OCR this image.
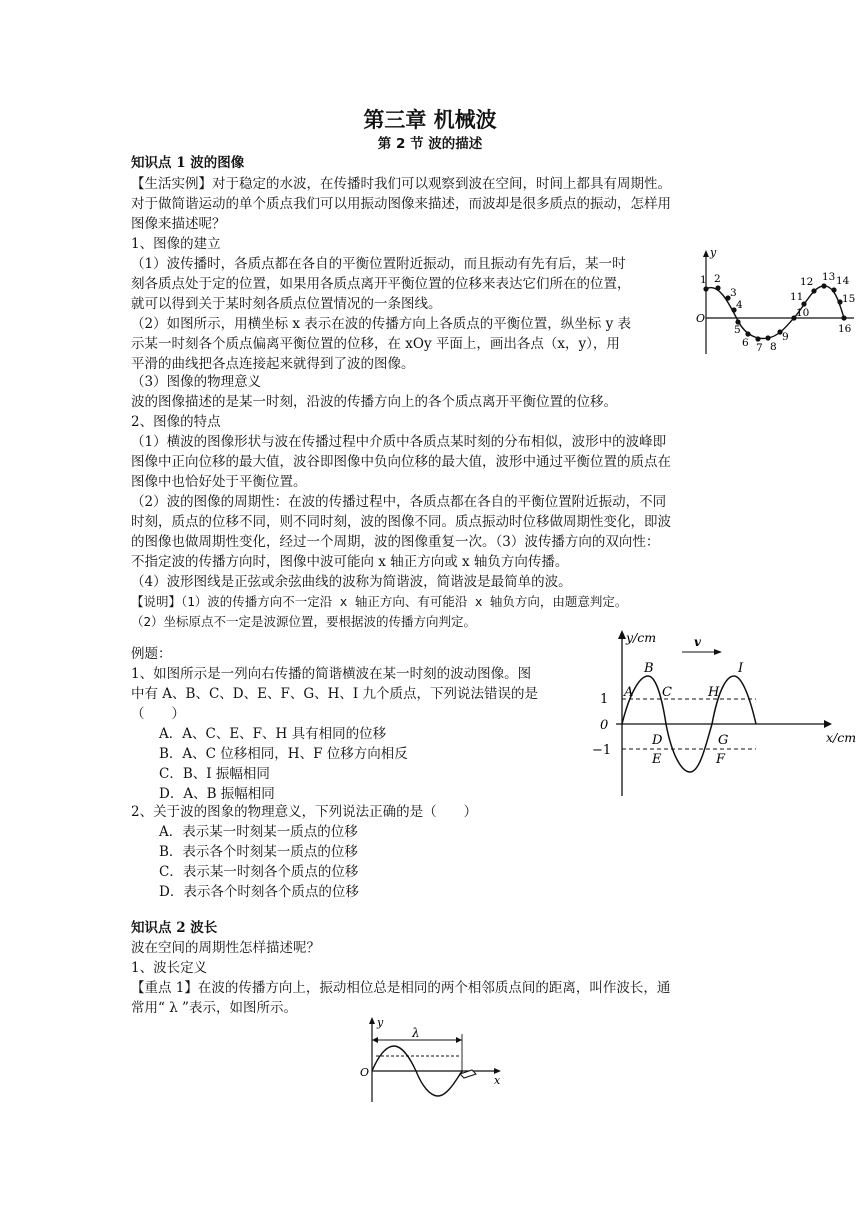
第三章 机械波
第 2 节 波的描述
知识点 1 波的图像
【生活实例】对于稳定的水波，在传播时我们可以观察到波在空间，时间上都具有周期性。
对于做简谐运动的单个质点我们可以用振动图像来描述，而波却是很多质点的振动，怎样用
图像来描述呢？
1、图像的建立
（1）波传播时，各质点都在各自的平衡位置附近振动，而且振动有先有后，某一时
刻各质点处于定的位置，如果用各质点离开平衡位置的位移来表达它们所在的位置，
就可以得到关于某时刻各质点位置情况的一条图线。
（2）如图所示，用横坐标 x 表示在波的传播方向上各质点的平衡位置，纵坐标 y 表
示某一时刻各个质点偏离平衡位置的位移，在 xOy 平面上，画出各点（x，y），用
平滑的曲线把各点连接起来就得到了波的图像。
（3）图像的物理意义
波的图像描述的是某一时刻，沿波的传播方向上的各个质点离开平衡位置的位移。
2、图像的特点
（1）横波的图像形状与波在传播过程中介质中各质点某时刻的分布相似，波形中的波峰即
图像中正向位移的最大值，波谷即图像中负向位移的最大值，波形中通过平衡位置的质点在
图像中也恰好处于平衡位置。
（2）波的图像的周期性：在波的传播过程中，各质点都在各自的平衡位置附近振动，不同
时刻，质点的位移不同，则不同时刻，波的图像不同。质点振动时位移做周期性变化，即波
的图像也做周期性变化，经过一个周期，波的图像重复一次。（3）波传播方向的双向性：
不指定波的传播方向时，图像中波可能向 x 轴正方向或 x 轴负方向传播。
（4）波形图线是正弦或余弦曲线的波称为简谐波，简谐波是最简单的波。
【说明】（1）波的传播方向不一定沿 x 轴正方向、有可能沿 x 轴负方向，由题意判定。
（2）坐标原点不一定是波源位置，要根据波的传播方向判定。
y
O
1 2
3
4
5
6 7 8
9
10
11
12 13 14
15
16
例题：
1、如图所示是一列向右传播的简谐横波在某一时刻的波动图像。图
中有 A、B、C、D、E、F、G、H、I 九个质点，下列说法错误的是
（　　）
A．A、C、E、F、H 具有相同的位移
B．A、C 位移相同，H、F 位移方向相反
C．B、I 振幅相同
D．A、B 振幅相同
2、关于波的图象的物理意义，下列说法正确的是（　　）
A．表示某一时刻某一质点的位移
B．表示各个时刻某一质点的位移
C．表示某一时刻各个质点的位移
D．表示各个时刻各个质点的位移
y/cm
x/cm
v
1
0
−1
A
B
C
D
E	F
G
H
I
知识点 2 波长
波在空间的周期性怎样描述呢？
1、波长定义
【重点 1】在波的传播方向上，振动相位总是相同的两个相邻质点间的距离，叫作波长，通
常用“ λ ”表示，如图所示。
y
x
O
λ
